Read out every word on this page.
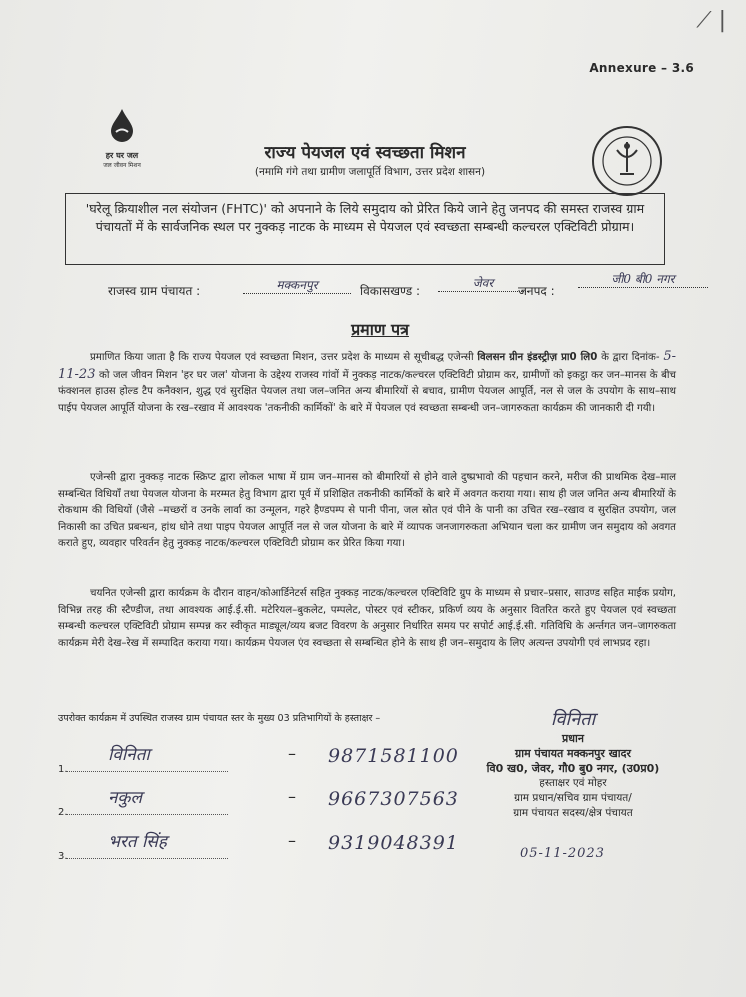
⟋ |
Annexure – 3.6
हर घर जल
जल जीवन मिशन
राज्य पेयजल एवं स्वच्छता मिशन
(नमामि गंगे तथा ग्रामीण जलापूर्ति विभाग, उत्तर प्रदेश शासन)
'घरेलू क्रियाशील नल संयोजन (FHTC)' को अपनाने के लिये समुदाय को प्रेरित किये जाने हेतु जनपद की समस्त राजस्व ग्राम पंचायतों में के सार्वजनिक स्थल पर नुक्कड़ नाटक के माध्यम से पेयजल एवं स्वच्छता सम्बन्धी कल्चरल एक्टिविटी प्रोग्राम।
राजस्व ग्राम पंचायत :	मक्कनपुर	विकासखण्ड :
जेवर
जनपद :
जी0 बी0 नगर
प्रमाण पत्र
प्रमाणित किया जाता है कि राज्य पेयजल एवं स्वच्छता मिशन, उत्तर प्रदेश के माध्यम से सूचीबद्ध एजेन्सी विलसन ग्रीन इंडस्ट्रीज़ प्रा0 लि0 के द्वारा दिनांक- 5-11-23 को जल जीवन मिशन 'हर घर जल' योजना के उद्देश्य राजस्व गांवों में नुक्कड़ नाटक/कल्चरल एक्टिविटी प्रोग्राम कर, ग्रामीणों को इकट्ठा कर जन–मानस के बीच फंक्शनल हाउस होल्ड टैप कनैक्शन, शुद्ध एवं सुरक्षित पेयजल तथा जल–जनित अन्य बीमारियों से बचाव, ग्रामीण पेयजल आपूर्ति, नल से जल के उपयोग के साथ–साथ पाईप पेयजल आपूर्ति योजना के रख–रखाव में आवश्यक 'तकनीकी कार्मिकों' के बारे में पेयजल एवं स्वच्छता सम्बन्धी जन–जागरुकता कार्यक्रम की जानकारी दी गयी।
एजेन्सी द्वारा नुक्कड़ नाटक स्क्रिप्ट द्वारा लोकल भाषा में ग्राम जन–मानस को बीमारियों से होने वाले दुष्प्रभावो की पहचान करने, मरीज की प्राथमिक देख–माल सम्बन्धित विधियाँ तथा पेयजल योजना के मरम्मत हेतु विभाग द्वारा पूर्व में प्रशिक्षित तकनीकी कार्मिकों के बारे में अवगत कराया गया। साथ ही जल जनित अन्य बीमारियों के रोकथाम की विधियों (जैसे –मच्छरों व उनके लार्वा का उन्मूलन, गहरे हैण्डपम्प से पानी पीना, जल स्रोत एवं पीने के पानी का उचित रख–रखाव व सुरक्षित उपयोग, जल निकासी का उचित प्रबन्धन, हांथ धोने तथा पाइप पेयजल आपूर्ति नल से जल योजना के बारे में व्यापक जनजागरुकता अभियान चला कर ग्रामीण जन समुदाय को अवगत कराते हुए, व्यवहार परिवर्तन हेतु नुक्कड़ नाटक/कल्चरल एक्टिविटी प्रोग्राम कर प्रेरित किया गया।
चयनित एजेन्सी द्वारा कार्यक्रम के दौरान वाहन/कोआर्डिनेटर्स सहित नुक्कड़ नाटक/कल्चरल एक्टिविटि ग्रुप के माध्यम से प्रचार–प्रसार, साउण्ड सहित माईक प्रयोग, विभिन्न तरह की स्टैण्डीज, तथा आवश्यक आई.ई.सी. मटेरियल–बुकलेट, पम्पलेट, पोस्टर एवं स्टीकर, प्रकिर्ण व्यय के अनुसार वितरित करते हुए पेयजल एवं स्वच्छता सम्बन्धी कल्चरल एक्टिविटी प्रोग्राम सम्पन्न कर स्वीकृत माड्यूल/व्यय बजट विवरण के अनुसार निर्धारित समय पर सपोर्ट आई.ई.सी. गतिविधि के अर्न्तगत जन–जागरुकता कार्यक्रम मेरी देख–रेख में सम्पादित कराया गया। कार्यक्रम पेयजल एंव स्वच्छता से सम्बन्धित होने के साथ ही जन–समुदाय के लिए अत्यन्त उपयोगी एवं लाभप्रद रहा।
उपरोक्त कार्यक्रम में उपस्थित राजस्व ग्राम पंचायत स्तर के मुख्य 03 प्रतिभागियों के हस्ताक्षर –
1.
विनिता	– 9871581100
2.
नकुल	– 9667307563
3.
भरत सिंह	– 9319048391
विनिता
प्रधान
ग्राम पंचायत मक्कनपुर खादर
वि0 ख0, जेवर, गौ0 बु0 नगर, (उ0प्र0)
हस्ताक्षर एवं मोहर
ग्राम प्रधान/सचिव ग्राम पंचायत/
ग्राम पंचायत सदस्य/क्षेत्र पंचायत
05-11-2023
